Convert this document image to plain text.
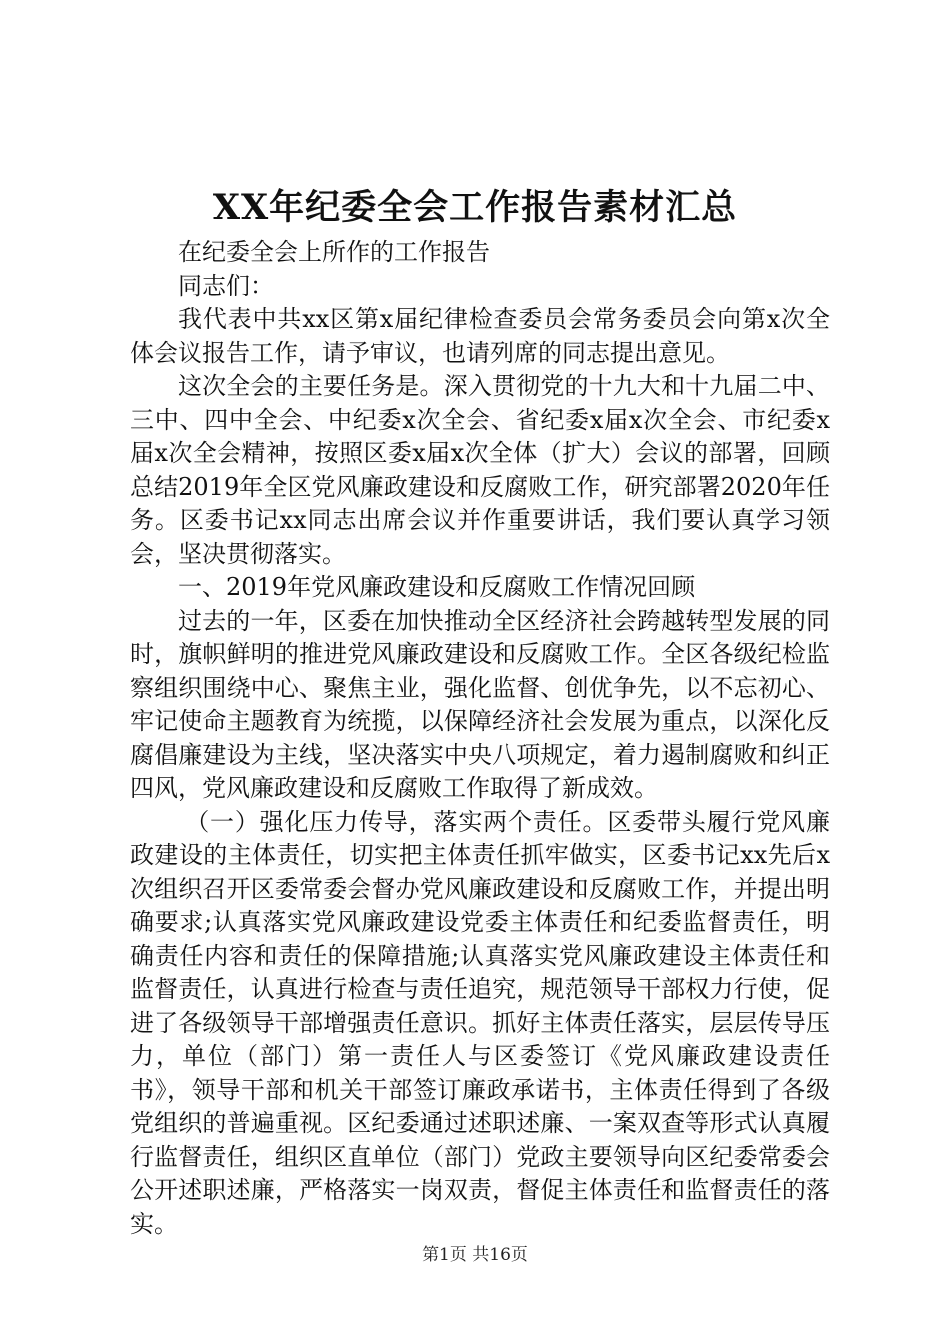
XX年纪委全会工作报告素材汇总

在纪委全会上所作的工作报告

同志们：

我代表中共xx区第x届纪律检查委员会常务委员会向第x次全体会议报告工作，请予审议，也请列席的同志提出意见。

这次全会的主要任务是。深入贯彻党的十九大和十九届二中、三中、四中全会、中纪委x次全会、省纪委x届x次全会、市纪委x届x次全会精神，按照区委x届x次全体（扩大）会议的部署，回顾总结2019年全区党风廉政建设和反腐败工作，研究部署2020年任务。区委书记xx同志出席会议并作重要讲话，我们要认真学习领会，坚决贯彻落实。

一、2019年党风廉政建设和反腐败工作情况回顾

过去的一年，区委在加快推动全区经济社会跨越转型发展的同时，旗帜鲜明的推进党风廉政建设和反腐败工作。全区各级纪检监察组织围绕中心、聚焦主业，强化监督、创优争先，以不忘初心、牢记使命主题教育为统揽，以保障经济社会发展为重点，以深化反腐倡廉建设为主线，坚决落实中央八项规定，着力遏制腐败和纠正四风，党风廉政建设和反腐败工作取得了新成效。

（一）强化压力传导，落实两个责任。区委带头履行党风廉政建设的主体责任，切实把主体责任抓牢做实，区委书记xx先后x次组织召开区委常委会督办党风廉政建设和反腐败工作，并提出明确要求;认真落实党风廉政建设党委主体责任和纪委监督责任，明确责任内容和责任的保障措施;认真落实党风廉政建设主体责任和监督责任，认真进行检查与责任追究，规范领导干部权力行使，促进了各级领导干部增强责任意识。抓好主体责任落实，层层传导压力，单位（部门）第一责任人与区委签订《党风廉政建设责任书》，领导干部和机关干部签订廉政承诺书，主体责任得到了各级党组织的普遍重视。区纪委通过述职述廉、一案双查等形式认真履行监督责任，组织区直单位（部门）党政主要领导向区纪委常委会公开述职述廉，严格落实一岗双责，督促主体责任和监督责任的落实。

第1页 共16页
